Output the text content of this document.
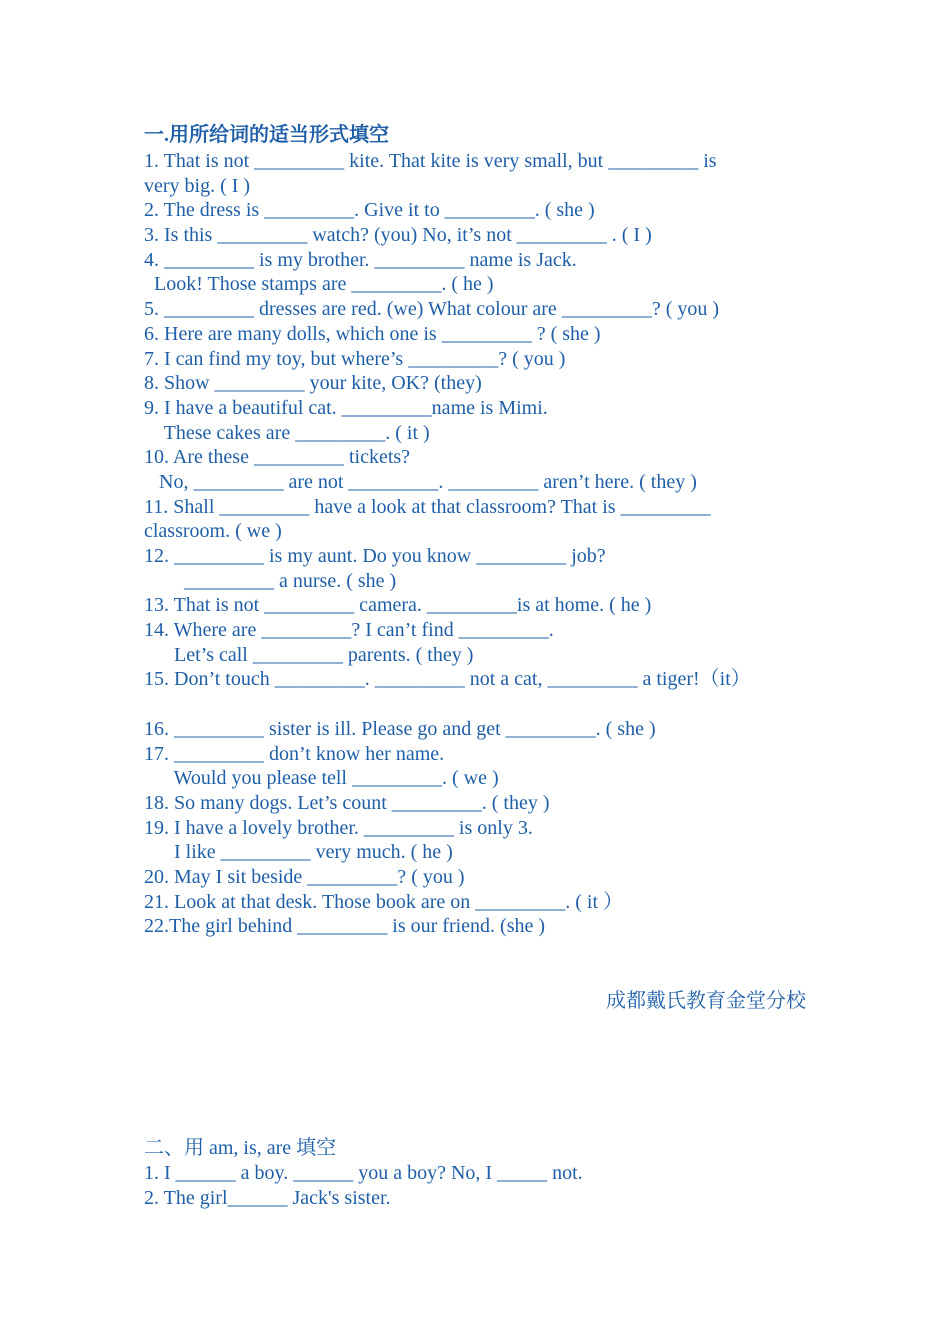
一.用所给词的适当形式填空
1. That is not _________ kite. That kite is very small, but _________ is
very big. ( I )
2. The dress is _________. Give it to _________. ( she )
3. Is this _________ watch? (you) No, it’s not _________ . ( I )
4. _________ is my brother. _________ name is Jack.
Look! Those stamps are _________. ( he )
5. _________ dresses are red. (we) What colour are _________? ( you )
6. Here are many dolls, which one is _________ ? ( she )
7. I can find my toy, but where’s _________? ( you )
8. Show _________ your kite, OK? (they)
9. I have a beautiful cat. _________name is Mimi.
These cakes are _________. ( it )
10. Are these _________ tickets?
No, _________ are not _________. _________ aren’t here. ( they )
11. Shall _________ have a look at that classroom? That is _________
classroom. ( we )
12. _________ is my aunt. Do you know _________ job?
_________ a nurse. ( she )
13. That is not _________ camera. _________is at home. ( he )
14. Where are _________? I can’t find _________.
Let’s call _________ parents. ( they )
15. Don’t touch _________. _________ not a cat, _________ a tiger!（it）
16. _________ sister is ill. Please go and get _________. ( she )
17. _________ don’t know her name.
Would you please tell _________. ( we )
18. So many dogs. Let’s count _________. ( they )
19. I have a lovely brother. _________ is only 3.
I like _________ very much. ( he )
20. May I sit beside _________? ( you )
21. Look at that desk. Those book are on _________. ( it ）
22.The girl behind _________ is our friend. (she )
成都戴氏教育金堂分校
二、用 am, is, are 填空
1. I ______ a boy. ______ you a boy? No, I _____ not.
2. The girl______ Jack's sister.
